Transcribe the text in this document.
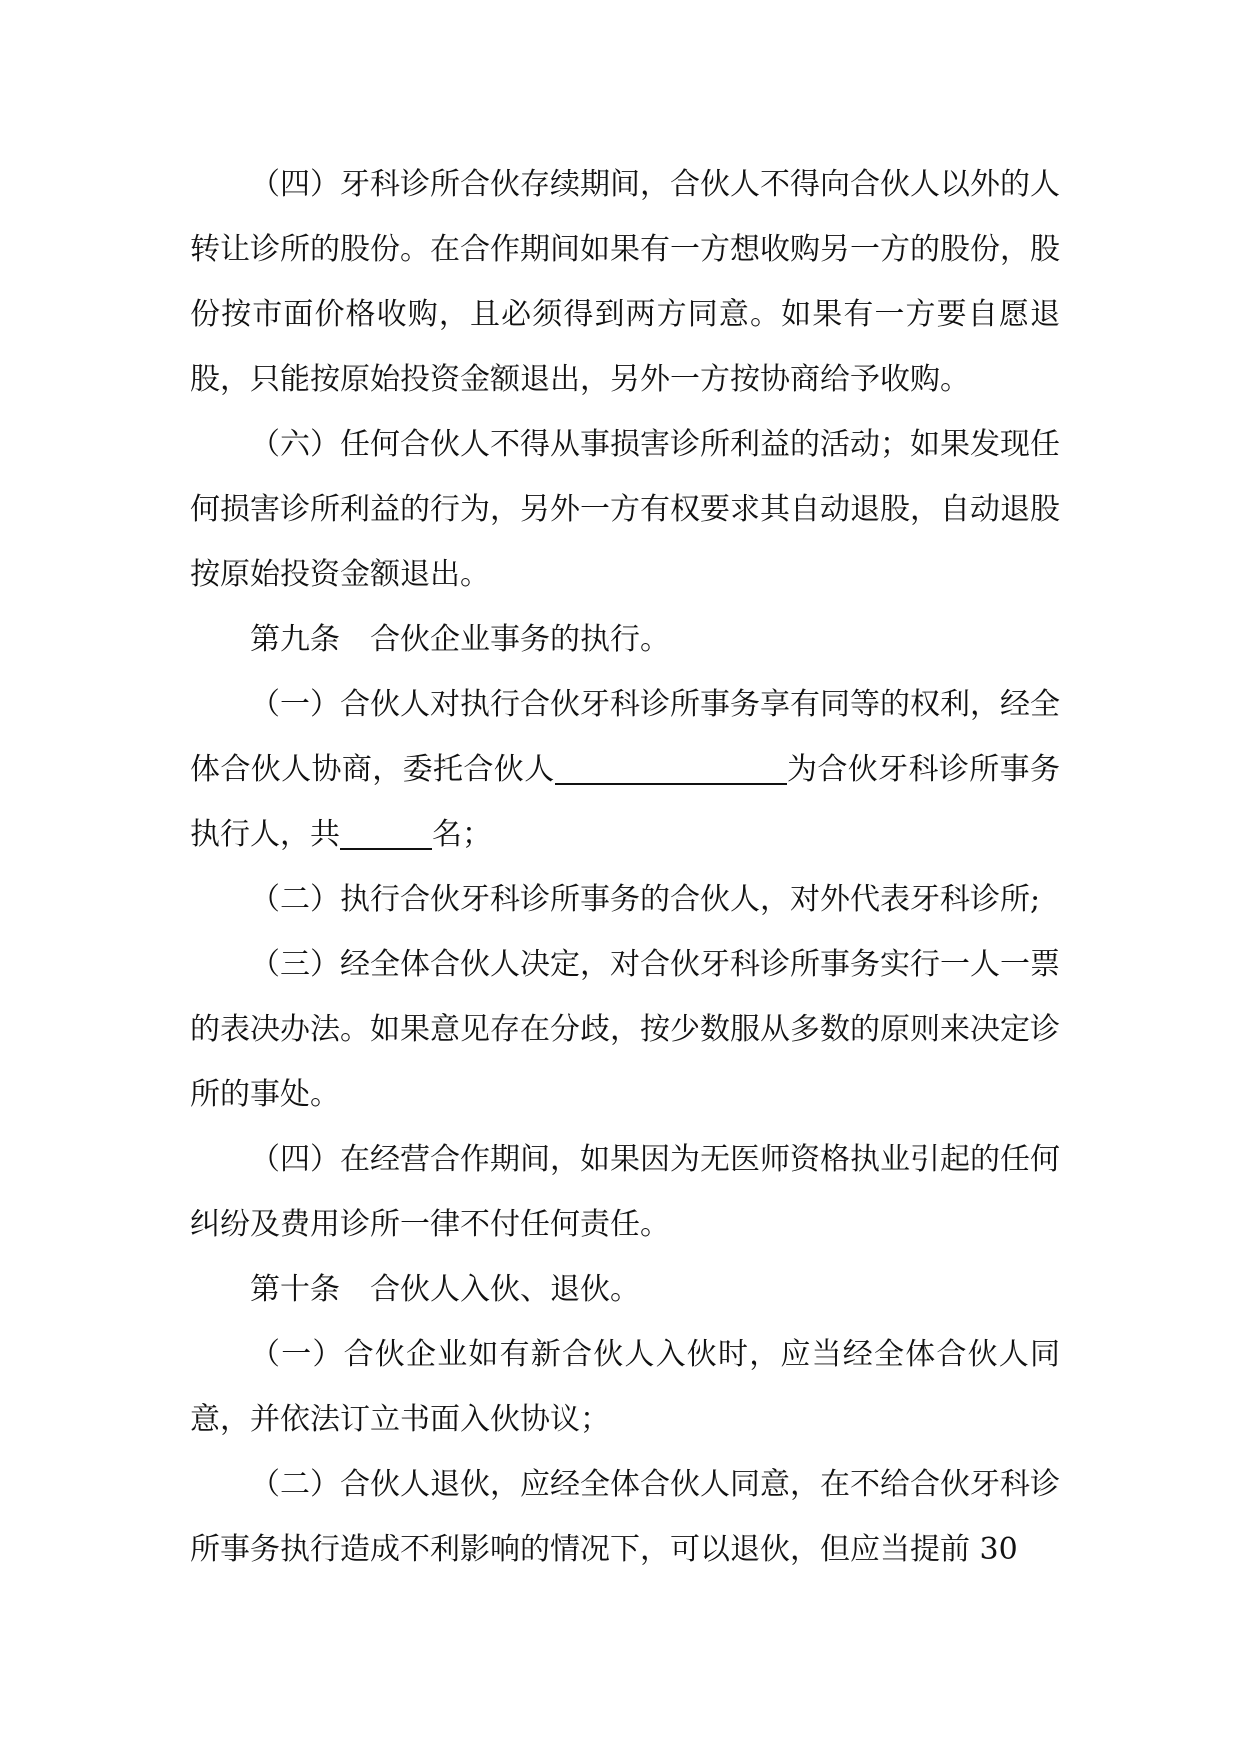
（四）牙科诊所合伙存续期间，合伙人不得向合伙人以外的人转让诊所的股份。在合作期间如果有一方想收购另一方的股份，股份按市面价格收购，且必须得到两方同意。如果有一方要自愿退股，只能按原始投资金额退出，另外一方按协商给予收购。

（六）任何合伙人不得从事损害诊所利益的活动；如果发现任何损害诊所利益的行为，另外一方有权要求其自动退股，自动退股按原始投资金额退出。

第九条 合伙企业事务的执行。

（一）合伙人对执行合伙牙科诊所事务享有同等的权利，经全体合伙人协商，委托合伙人	为合伙牙科诊所事务执行人，共	名；

（二）执行合伙牙科诊所事务的合伙人，对外代表牙科诊所;

（三）经全体合伙人决定，对合伙牙科诊所事务实行一人一票的表决办法。如果意见存在分歧，按少数服从多数的原则来决定诊所的事处。

（四）在经营合作期间，如果因为无医师资格执业引起的任何纠纷及费用诊所一律不付任何责任。

第十条 合伙人入伙、退伙。

（一）合伙企业如有新合伙人入伙时，应当经全体合伙人同意，并依法订立书面入伙协议；

（二）合伙人退伙，应经全体合伙人同意，在不给合伙牙科诊所事务执行造成不利影响的情况下，可以退伙，但应当提前 30
